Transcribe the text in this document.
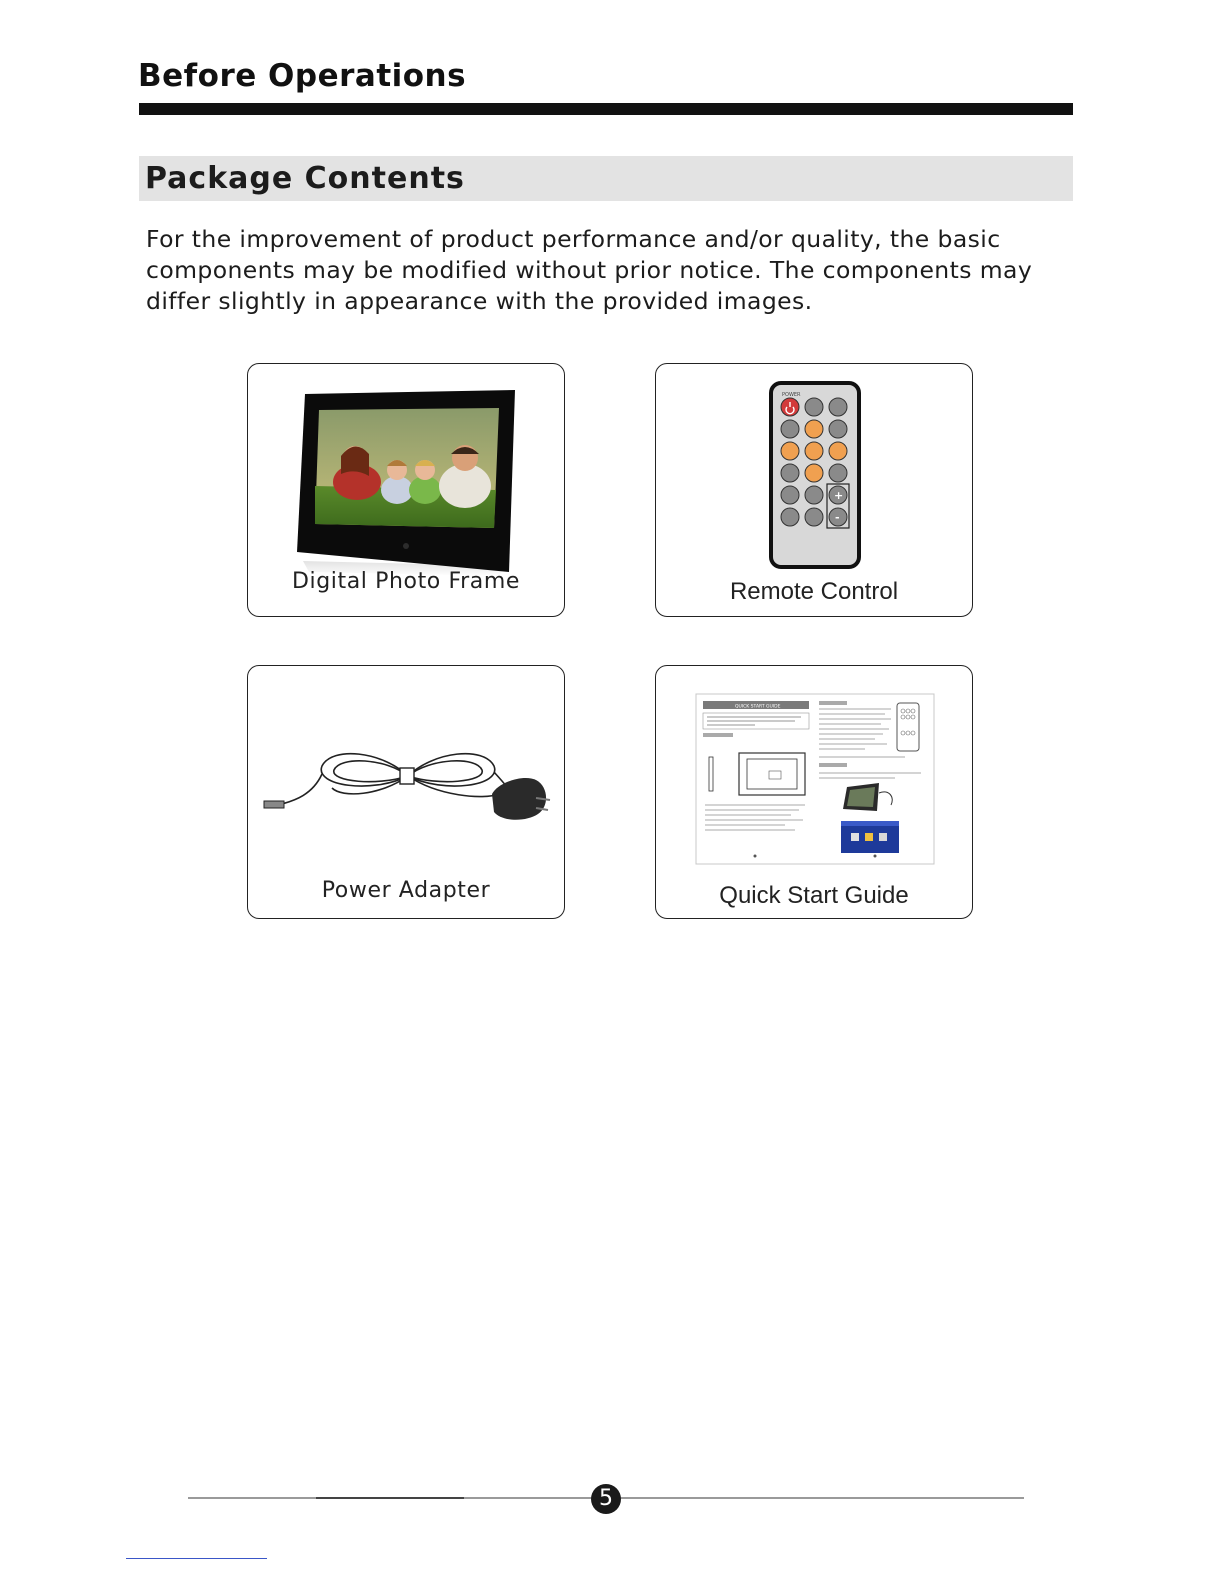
Before Operations
Package Contents

For the improvement of product performance and/or quality, the basic components may be modified without prior notice. The components may differ slightly in appearance with the provided images.

Digital Photo Frame
POWER
+
-
Remote Control
Power Adapter
QUICK START GUIDE
Quick Start Guide
5
